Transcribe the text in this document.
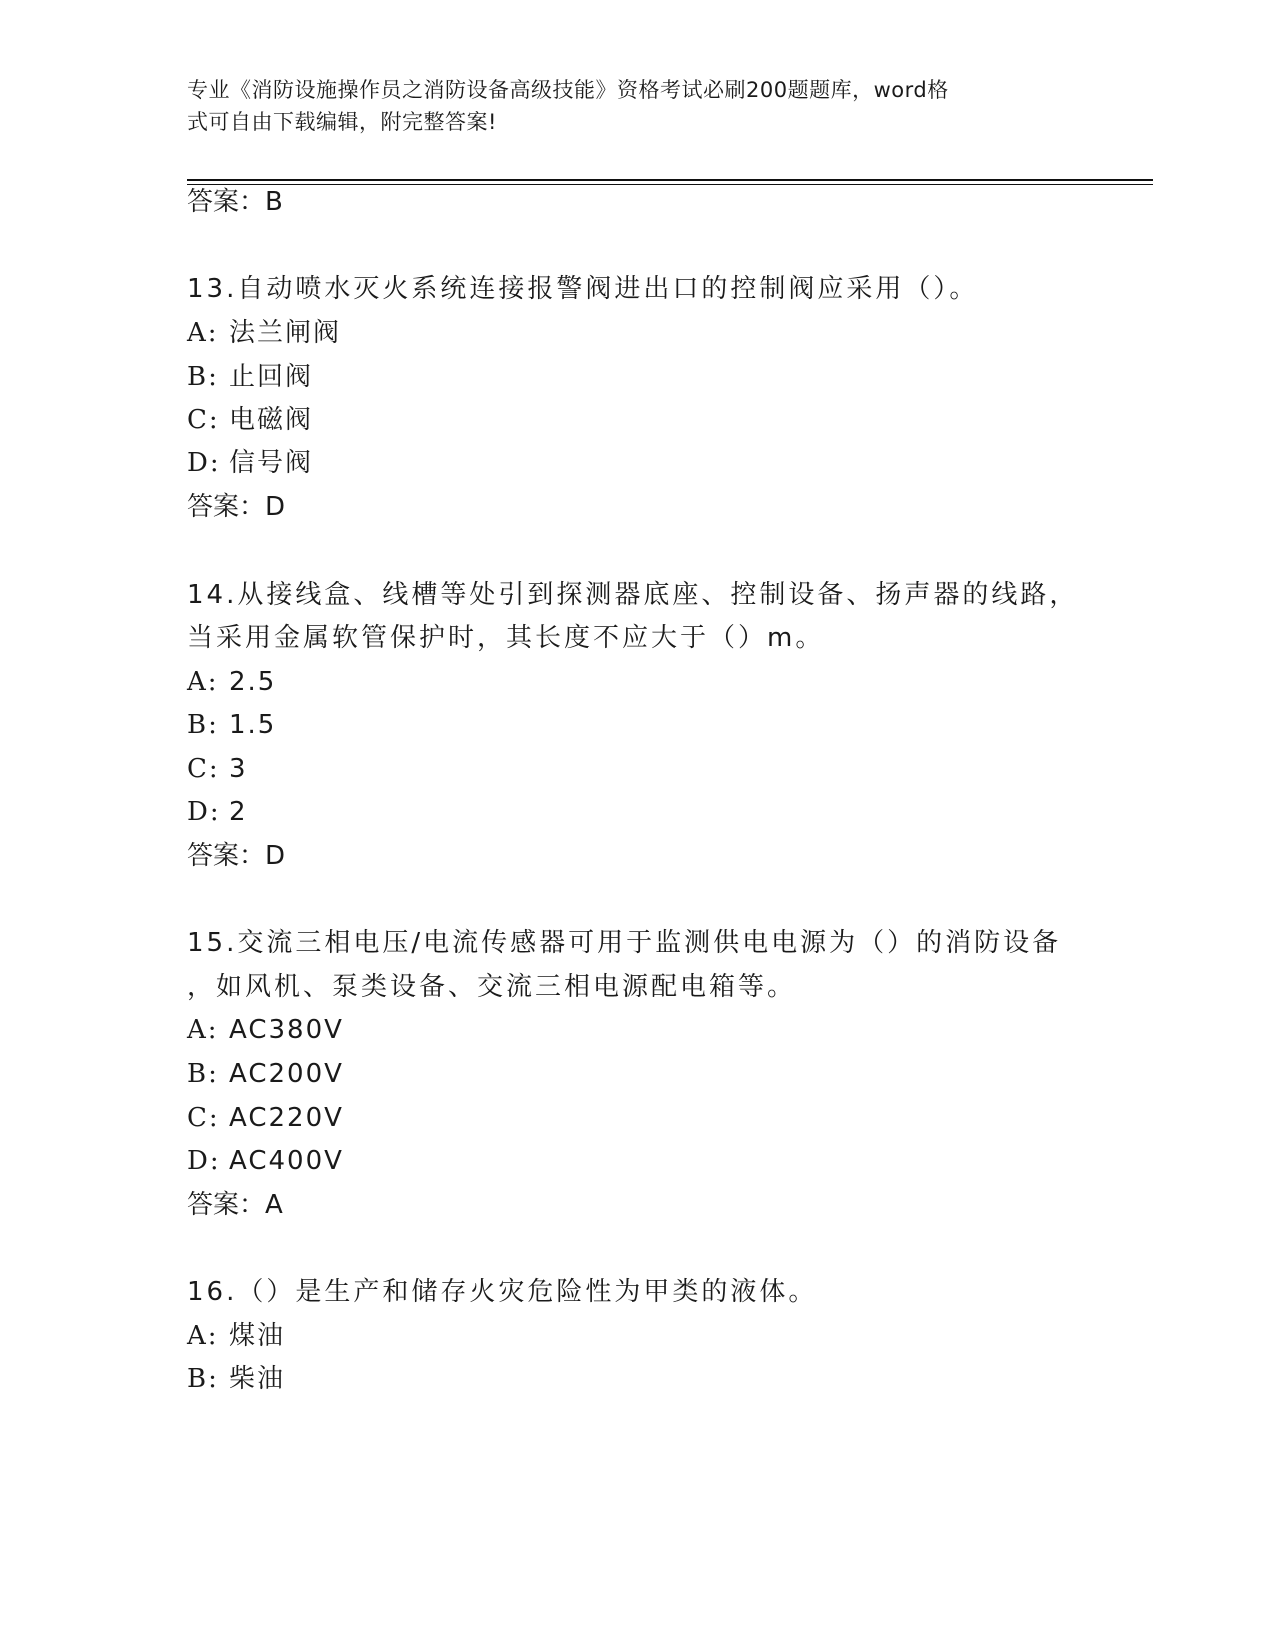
专业《消防设施操作员之消防设备高级技能》资格考试必刷200题题库，word格
式可自由下载编辑，附完整答案!
答案：B
13.自动喷水灭火系统连接报警阀进出口的控制阀应采用（）。
A: 法兰闸阀
B: 止回阀
C: 电磁阀
D: 信号阀
答案：D
14.从接线盒、线槽等处引到探测器底座、控制设备、扬声器的线路，
当采用金属软管保护时，其长度不应大于（）m。
A: 2.5
B: 1.5
C: 3
D: 2
答案：D
15.交流三相电压/电流传感器可用于监测供电电源为（）的消防设备
，如风机、泵类设备、交流三相电源配电箱等。
A: AC380V
B: AC200V
C: AC220V
D: AC400V
答案：A
16.（）是生产和储存火灾危险性为甲类的液体。
A: 煤油
B: 柴油
